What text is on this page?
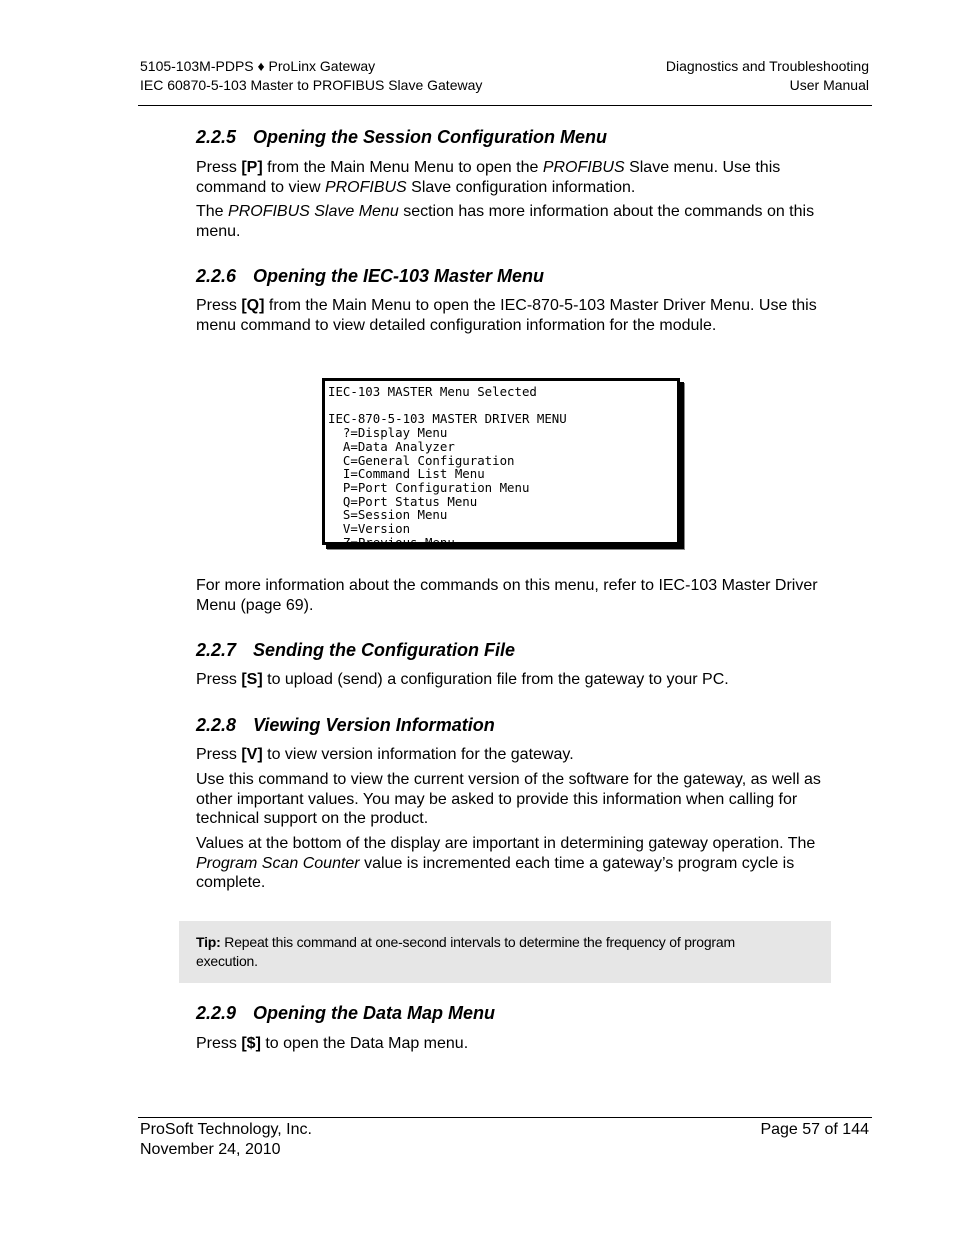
5105-103M-PDPS ♦ ProLinx Gateway
IEC 60870-5-103 Master to PROFIBUS Slave Gateway
Diagnostics and Troubleshooting
User Manual
2.2.5 Opening the Session Configuration Menu

Press [P] from the Main Menu Menu to open the PROFIBUS Slave menu. Use this command to view PROFIBUS Slave configuration information.

The PROFIBUS Slave Menu section has more information about the commands on this menu.

2.2.6 Opening the IEC-103 Master Menu

Press [Q] from the Main Menu to open the IEC-870-5-103 Master Driver Menu. Use this menu command to view detailed configuration information for the module.

IEC-103 MASTER Menu Selected

IEC-870-5-103 MASTER DRIVER MENU
?=Display Menu
A=Data Analyzer
C=General Configuration
I=Command List Menu
P=Port Configuration Menu
Q=Port Status Menu
S=Session Menu
V=Version
Z=Previous Menu

For more information about the commands on this menu, refer to IEC-103 Master Driver Menu (page 69).

2.2.7 Sending the Configuration File

Press [S] to upload (send) a configuration file from the gateway to your PC.

2.2.8 Viewing Version Information

Press [V] to view version information for the gateway.

Use this command to view the current version of the software for the gateway, as well as other important values. You may be asked to provide this information when calling for technical support on the product.

Values at the bottom of the display are important in determining gateway operation. The Program Scan Counter value is incremented each time a gateway’s program cycle is complete.

Tip: Repeat this command at one-second intervals to determine the frequency of program execution.

2.2.9 Opening the Data Map Menu

Press [$] to open the Data Map menu.

ProSoft Technology, Inc.
November 24, 2010
Page 57 of 144
